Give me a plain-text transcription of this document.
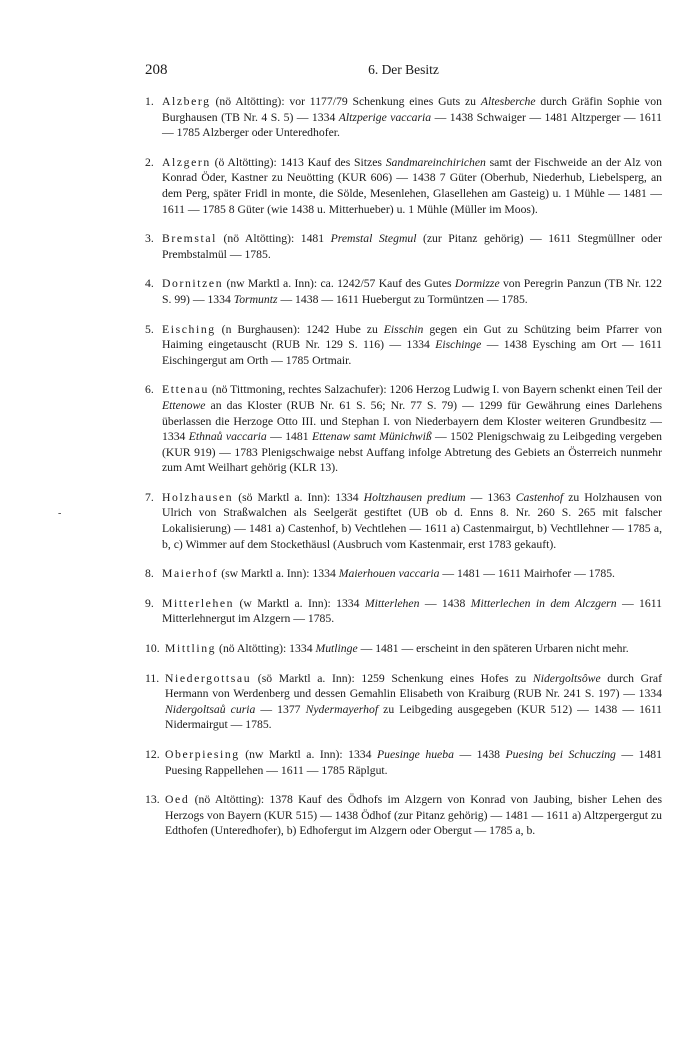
208	6. Der Besitz
-
1. Alzberg (nö Altötting): vor 1177/79 Schenkung eines Guts zu Altesberche durch Gräfin Sophie von Burghausen (TB Nr. 4 S. 5) — 1334 Altzperige vaccaria — 1438 Schwaiger — 1481 Altzperger — 1611 — 1785 Alzberger oder Unteredhofer.
2. Alzgern (ö Altötting): 1413 Kauf des Sitzes Sandmareinchirichen samt der Fischweide an der Alz von Konrad Öder, Kastner zu Neuötting (KUR 606) — 1438 7 Güter (Oberhub, Niederhub, Liebelsperg, an dem Perg, später Fridl in monte, die Sölde, Mesenlehen, Glasellehen am Gasteig) u. 1 Mühle — 1481 — 1611 — 1785 8 Güter (wie 1438 u. Mitterhueber) u. 1 Mühle (Müller im Moos).
3. Bremstal (nö Altötting): 1481 Premstal Stegmul (zur Pitanz gehörig) — 1611 Stegmüllner oder Prembstalmül — 1785.
4. Dornitzen (nw Marktl a. Inn): ca. 1242/57 Kauf des Gutes Dormizze von Peregrin Panzun (TB Nr. 122 S. 99) — 1334 Tormuntz — 1438 — 1611 Huebergut zu Tormüntzen — 1785.
5. Eisching (n Burghausen): 1242 Hube zu Eisschin gegen ein Gut zu Schützing beim Pfarrer von Haiming eingetauscht (RUB Nr. 129 S. 116) — 1334 Eischinge — 1438 Eysching am Ort — 1611 Eischingergut am Orth — 1785 Ortmair.
6. Ettenau (nö Tittmoning, rechtes Salzachufer): 1206 Herzog Ludwig I. von Bayern schenkt einen Teil der Ettenowe an das Kloster (RUB Nr. 61 S. 56; Nr. 77 S. 79) — 1299 für Gewährung eines Darlehens überlassen die Herzoge Otto III. und Stephan I. von Niederbayern dem Kloster weiteren Grundbesitz — 1334 Ethnaů vaccaria — 1481 Ettenaw samt Münichwiß — 1502 Plenigschwaig zu Leibgeding vergeben (KUR 919) — 1783 Plenigschwaige nebst Auffang infolge Abtretung des Gebiets an Österreich nunmehr zum Amt Weilhart gehörig (KLR 13).
7. Holzhausen (sö Marktl a. Inn): 1334 Holtzhausen predium — 1363 Castenhof zu Holzhausen von Ulrich von Straßwalchen als Seelgerät gestiftet (UB ob d. Enns 8. Nr. 260 S. 265 mit falscher Lokalisierung) — 1481 a) Castenhof, b) Vechtlehen — 1611 a) Castenmairgut, b) Vechtllehner — 1785 a, b, c) Wimmer auf dem Stockethäusl (Ausbruch vom Kastenmair, erst 1783 gekauft).
8. Maierhof (sw Marktl a. Inn): 1334 Maierhouen vaccaria — 1481 — 1611 Mairhofer — 1785.
9. Mitterlehen (w Marktl a. Inn): 1334 Mitterlehen — 1438 Mitterlechen in dem Alczgern — 1611 Mitterlehnergut im Alzgern — 1785.
10. Mittling (nö Altötting): 1334 Mutlinge — 1481 — erscheint in den späteren Urbaren nicht mehr.
11. Niedergottsau (sö Marktl a. Inn): 1259 Schenkung eines Hofes zu Nidergoltsôwe durch Graf Hermann von Werdenberg und dessen Gemahlin Elisabeth von Kraiburg (RUB Nr. 241 S. 197) — 1334 Nidergoltsaů curia — 1377 Nydermayerhof zu Leibgeding ausgegeben (KUR 512) — 1438 — 1611 Nidermairgut — 1785.
12. Oberpiesing (nw Marktl a. Inn): 1334 Puesinge hueba — 1438 Puesing bei Schuczing — 1481 Puesing Rappellehen — 1611 — 1785 Räplgut.
13. Oed (nö Altötting): 1378 Kauf des Ödhofs im Alzgern von Konrad von Jaubing, bisher Lehen des Herzogs von Bayern (KUR 515) — 1438 Ödhof (zur Pitanz gehörig) — 1481 — 1611 a) Altzpergergut zu Edthofen (Unteredhofer), b) Edhofergut im Alzgern oder Obergut — 1785 a, b.
